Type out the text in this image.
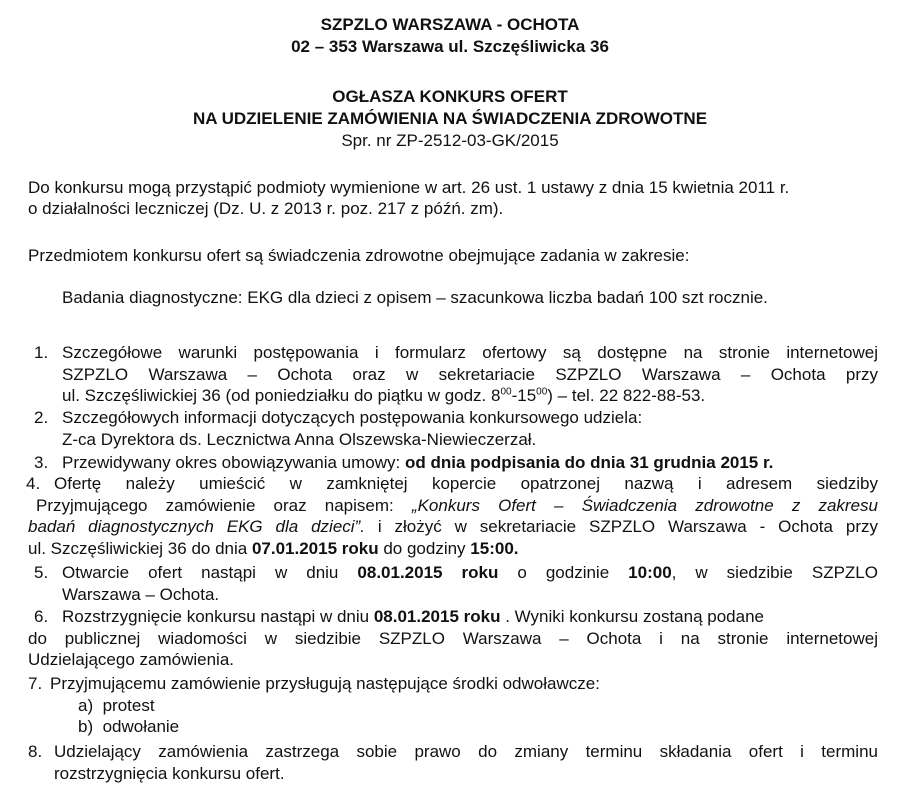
SZPZLO WARSZAWA - OCHOTA
02 – 353 Warszawa ul. Szczęśliwicka 36
OGŁASZA KONKURS OFERT
NA UDZIELENIE ZAMÓWIENIA NA ŚWIADCZENIA ZDROWOTNE
Spr. nr ZP-2512-03-GK/2015
Do konkursu mogą przystąpić podmioty wymienione w art. 26 ust. 1 ustawy z dnia 15 kwietnia 2011 r.
o działalności leczniczej (Dz. U. z 2013 r. poz. 217 z późń. zm).
Przedmiotem konkursu ofert są świadczenia zdrowotne obejmujące zadania w zakresie:
Badania diagnostyczne: EKG dla dzieci z opisem – szacunkowa liczba badań 100 szt rocznie.
1. Szczegółowe warunki postępowania i formularz ofertowy są dostępne na stronie internetowej
SZPZLO Warszawa – Ochota oraz w sekretariacie SZPZLO Warszawa – Ochota przy
ul. Szczęśliwickiej 36 (od poniedziałku do piątku w godz. $8^{00}-15^{00}$) – tel. 22 822-88-53.
2. Szczegółowych informacji dotyczących postępowania konkursowego udziela:
Z-ca Dyrektora ds. Lecznictwa Anna Olszewska-Niewieczerzał.
3. Przewidywany okres obowiązywania umowy: od dnia podpisania do dnia 31 grudnia 2015 r.
4. Ofertę należy umieścić w zamkniętej kopercie opatrzonej nazwą i adresem siedziby
Przyjmującego zamówienie oraz napisem: „Konkurs Ofert – Świadczenia zdrowotne z zakresu
badań diagnostycznych EKG dla dzieci”. i złożyć w sekretariacie SZPZLO Warszawa - Ochota przy
ul. Szczęśliwickiej 36 do dnia 07.01.2015 roku do godziny 15:00.
5. Otwarcie ofert nastąpi w dniu 08.01.2015 roku o godzinie 10:00, w siedzibie SZPZLO
Warszawa – Ochota.
6. Rozstrzygnięcie konkursu nastąpi w dniu 08.01.2015 roku . Wyniki konkursu zostaną podane
do publicznej wiadomości w siedzibie SZPZLO Warszawa – Ochota i na stronie internetowej
Udzielającego zamówienia.
7. Przyjmującemu zamówienie przysługują następujące środki odwoławcze:
a) protest
b) odwołanie
8. Udzielający zamówienia zastrzega sobie prawo do zmiany terminu składania ofert i terminu
rozstrzygnięcia konkursu ofert.
